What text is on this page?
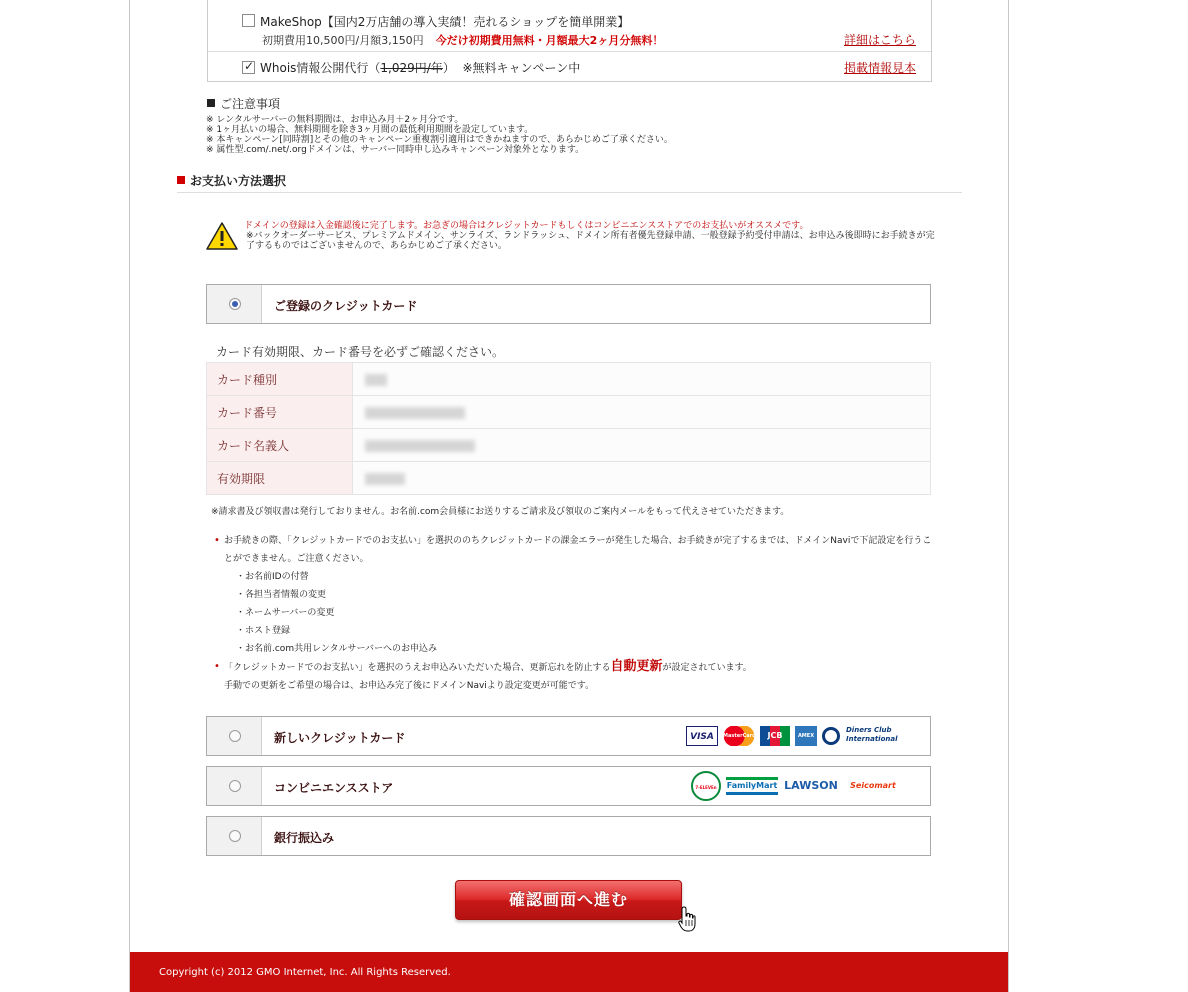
MakeShop【国内2万店舗の導入実績！売れるショップを簡単開業】
初期費用10,500円/月額3,150円 今だけ初期費用無料・月額最大2ヶ月分無料！	詳細はこちら
✓
Whois情報公開代行（1,029円/年） ※無料キャンペーン中	掲載情報見本
ご注意事項
※ レンタルサーバーの無料期間は、お申込み月＋2ヶ月分です。
※ 1ヶ月払いの場合、無料期間を除き3ヶ月間の最低利用期間を設定しています。
※ 本キャンペーン[同時割]とその他のキャンペーン重複割引適用はできかねますので、あらかじめご了承ください。
※ 属性型.com/.net/.orgドメインは、サーバー同時申し込みキャンペーン対象外となります。
お支払い方法選択
ドメインの登録は入金確認後に完了します。お急ぎの場合はクレジットカードもしくはコンビニエンスストアでのお支払いがオススメです。
※バックオーダーサービス、プレミアムドメイン、サンライズ、ランドラッシュ、ドメイン所有者優先登録申請、一般登録予約受付申請は、お申込み後即時にお手続きが完了するものではございませんので、あらかじめご了承ください。
ご登録のクレジットカード
カード有効期限、カード番号を必ずご確認ください。
カード種別	
カード番号	
カード名義人	
有効期限	
※請求書及び領収書は発行しておりません。お名前.com会員様にお送りするご請求及び領収のご案内メールをもって代えさせていただきます。
• お手続きの際、「クレジットカードでのお支払い」を選択ののちクレジットカードの課金エラーが発生した場合、お手続きが完了するまでは、ドメインNaviで下記設定を行うことができません。ご注意ください。
・お名前IDの付替
・各担当者情報の変更
・ネームサーバーの変更
・ホスト登録
・お名前.com共用レンタルサーバーへのお申込み
• 「クレジットカードでのお支払い」を選択のうえお申込みいただいた場合、更新忘れを防止する自動更新が設定されています。
手動での更新をご希望の場合は、お申込み完了後にドメインNaviより設定変更が可能です。
新しいクレジットカード	VISA	MasterCard	JCB	AMEX
Diners Club International
コンビニエンスストア	7-ELEVEn	FamilyMart LAWSON	Seicomart
銀行振込み
確認画面へ進む
Copyright (c) 2012 GMO Internet, Inc. All Rights Reserved.
